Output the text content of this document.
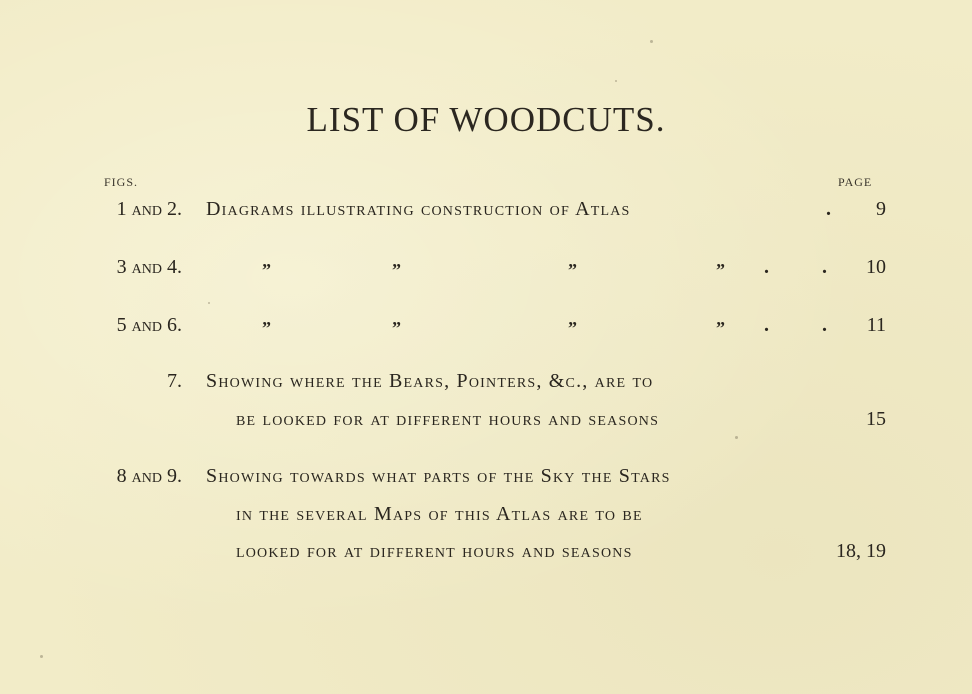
LIST OF WOODCUTS.
FIGS.	PAGE
1 and 2. Diagrams illustrating construction of Atlas	. 9
3 and 4.	”	”	”	” . . 10
5 and 6.	”	”	”	” . . 11
7. Showing where the Bears, Pointers, &c., are to
be looked for at different hours and seasons	15
8 and 9. Showing towards what parts of the Sky the Stars
in the several Maps of this Atlas are to be
looked for at different hours and seasons	18, 19
